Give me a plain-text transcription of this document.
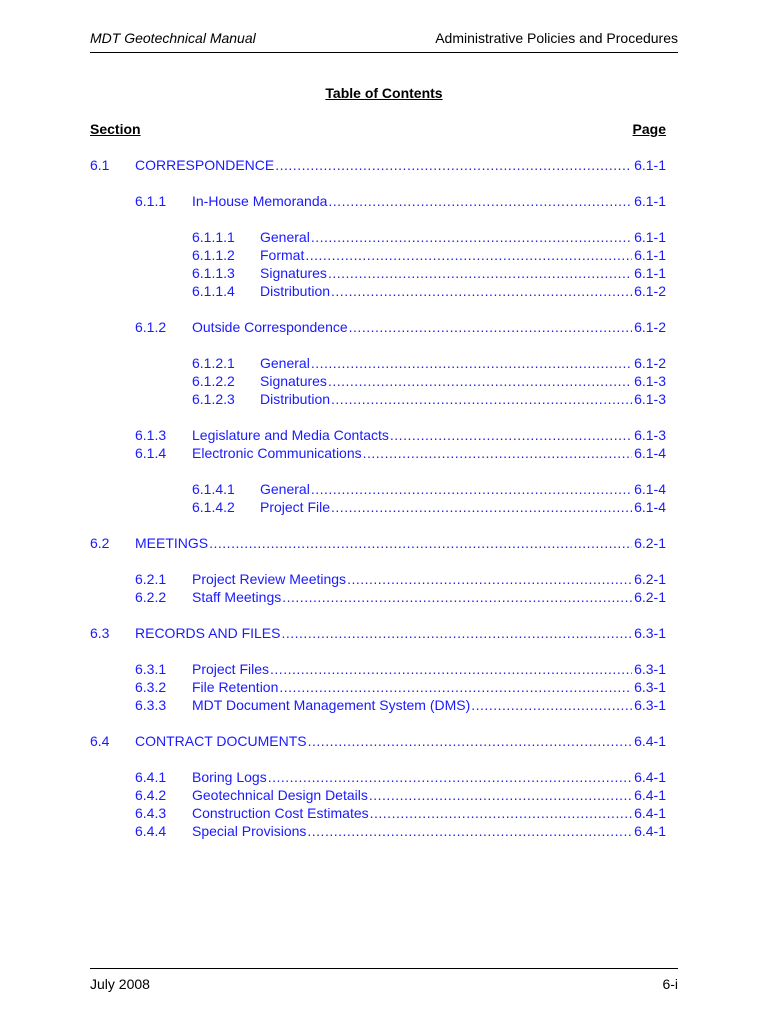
MDT Geotechnical Manual	Administrative Policies and Procedures
Table of Contents
Section	Page
6.1 CORRESPONDENCE .....	6.1-1
6.1.1 In-House Memoranda .....	6.1-1
6.1.1.1 General .....	6.1-1
6.1.1.2 Format .....	6.1-1
6.1.1.3 Signatures .....	6.1-1
6.1.1.4 Distribution .....	6.1-2
6.1.2 Outside Correspondence .....	6.1-2
6.1.2.1 General .....	6.1-2
6.1.2.2 Signatures .....	6.1-3
6.1.2.3 Distribution .....	6.1-3
6.1.3 Legislature and Media Contacts .....	6.1-3
6.1.4 Electronic Communications .....	6.1-4
6.1.4.1 General .....	6.1-4
6.1.4.2 Project File .....	6.1-4
6.2 MEETINGS .....	6.2-1
6.2.1 Project Review Meetings .....	6.2-1
6.2.2 Staff Meetings .....	6.2-1
6.3 RECORDS AND FILES .....	6.3-1
6.3.1 Project Files .....	6.3-1
6.3.2 File Retention .....	6.3-1
6.3.3 MDT Document Management System (DMS) .....	6.3-1
6.4 CONTRACT DOCUMENTS .....	6.4-1
6.4.1 Boring Logs .....	6.4-1
6.4.2 Geotechnical Design Details .....	6.4-1
6.4.3 Construction Cost Estimates .....	6.4-1
6.4.4 Special Provisions .....	6.4-1
July 2008	6-i
